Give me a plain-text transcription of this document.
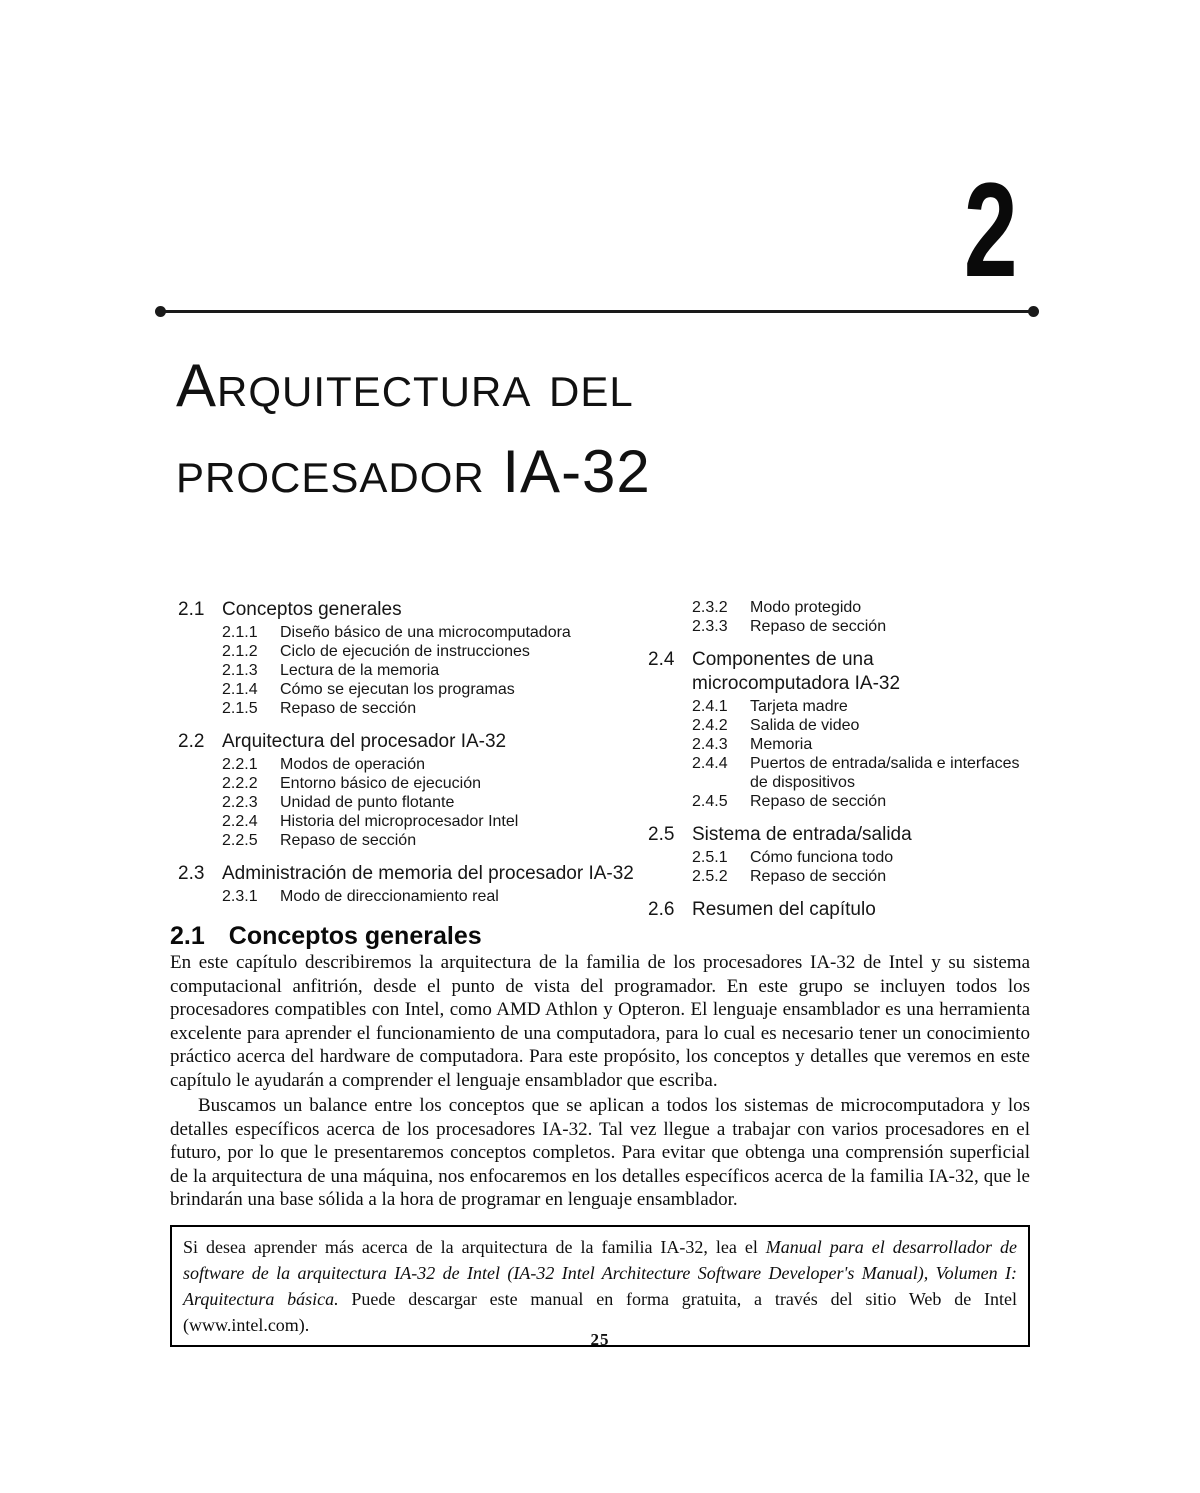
2
Arquitectura del
procesador IA-32
2.1 Conceptos generales
2.1.1	Diseño básico de una microcomputadora
2.1.2	Ciclo de ejecución de instrucciones
2.1.3	Lectura de la memoria
2.1.4	Cómo se ejecutan los programas
2.1.5	Repaso de sección
2.2 Arquitectura del procesador IA-32
2.2.1	Modos de operación
2.2.2	Entorno básico de ejecución
2.2.3	Unidad de punto flotante
2.2.4	Historia del microprocesador Intel
2.2.5	Repaso de sección
2.3 Administración de memoria del procesador IA-32
2.3.1	Modo de direccionamiento real
2.3.2	Modo protegido
2.3.3	Repaso de sección
2.4 Componentes de una microcomputadora IA-32
2.4.1	Tarjeta madre
2.4.2	Salida de video
2.4.3	Memoria
2.4.4	Puertos de entrada/salida e interfaces de dispositivos
2.4.5	Repaso de sección
2.5 Sistema de entrada/salida
2.5.1	Cómo funciona todo
2.5.2	Repaso de sección
2.6 Resumen del capítulo
2.1 Conceptos generales

En este capítulo describiremos la arquitectura de la familia de los procesadores IA-32 de Intel y su sistema computacional anfitrión, desde el punto de vista del programador. En este grupo se incluyen todos los procesadores compatibles con Intel, como AMD Athlon y Opteron. El lenguaje ensamblador es una herramienta excelente para aprender el funcionamiento de una computadora, para lo cual es necesario tener un conocimiento práctico acerca del hardware de computadora. Para este propósito, los conceptos y detalles que veremos en este capítulo le ayudarán a comprender el lenguaje ensamblador que escriba.

Buscamos un balance entre los conceptos que se aplican a todos los sistemas de microcomputadora y los detalles específicos acerca de los procesadores IA-32. Tal vez llegue a trabajar con varios procesadores en el futuro, por lo que le presentaremos conceptos completos. Para evitar que obtenga una comprensión superficial de la arquitectura de una máquina, nos enfocaremos en los detalles específicos acerca de la familia IA-32, que le brindarán una base sólida a la hora de programar en lenguaje ensamblador.

Si desea aprender más acerca de la arquitectura de la familia IA-32, lea el Manual para el desarrollador de software de la arquitectura IA-32 de Intel (IA-32 Intel Architecture Software Developer's Manual), Volumen I: Arquitectura básica. Puede descargar este manual en forma gratuita, a través del sitio Web de Intel (www.intel.com).
25
